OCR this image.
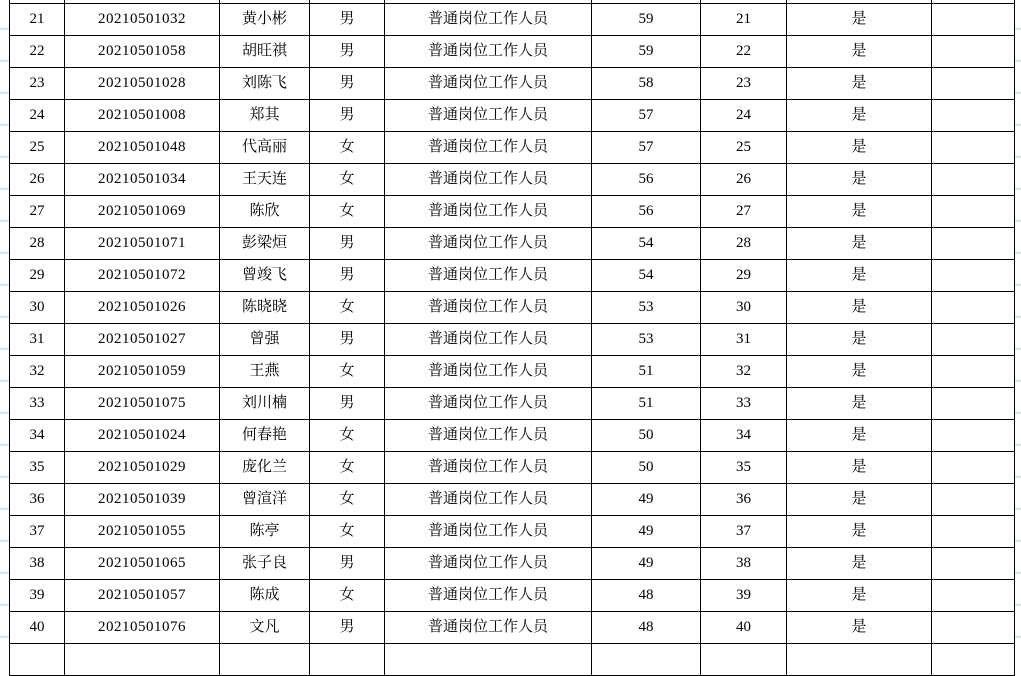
21	20210501032	黄小彬	男	普通岗位工作人员	59	21	是	
22	20210501058	胡旺祺	男	普通岗位工作人员	59	22	是	
23	20210501028	刘陈飞	男	普通岗位工作人员	58	23	是	
24	20210501008	郑其	男	普通岗位工作人员	57	24	是	
25	20210501048	代高丽	女	普通岗位工作人员	57	25	是	
26	20210501034	王天连	女	普通岗位工作人员	56	26	是	
27	20210501069	陈欣	女	普通岗位工作人员	56	27	是	
28	20210501071	彭梁烜	男	普通岗位工作人员	54	28	是	
29	20210501072	曾竣飞	男	普通岗位工作人员	54	29	是	
30	20210501026	陈晓晓	女	普通岗位工作人员	53	30	是	
31	20210501027	曾强	男	普通岗位工作人员	53	31	是	
32	20210501059	王燕	女	普通岗位工作人员	51	32	是	
33	20210501075	刘川楠	男	普通岗位工作人员	51	33	是	
34	20210501024	何春艳	女	普通岗位工作人员	50	34	是	
35	20210501029	庞化兰	女	普通岗位工作人员	50	35	是	
36	20210501039	曾渲洋	女	普通岗位工作人员	49	36	是	
37	20210501055	陈亭	女	普通岗位工作人员	49	37	是	
38	20210501065	张子良	男	普通岗位工作人员	49	38	是	
39	20210501057	陈成	女	普通岗位工作人员	48	39	是	
40	20210501076	文凡	男	普通岗位工作人员	48	40	是	
